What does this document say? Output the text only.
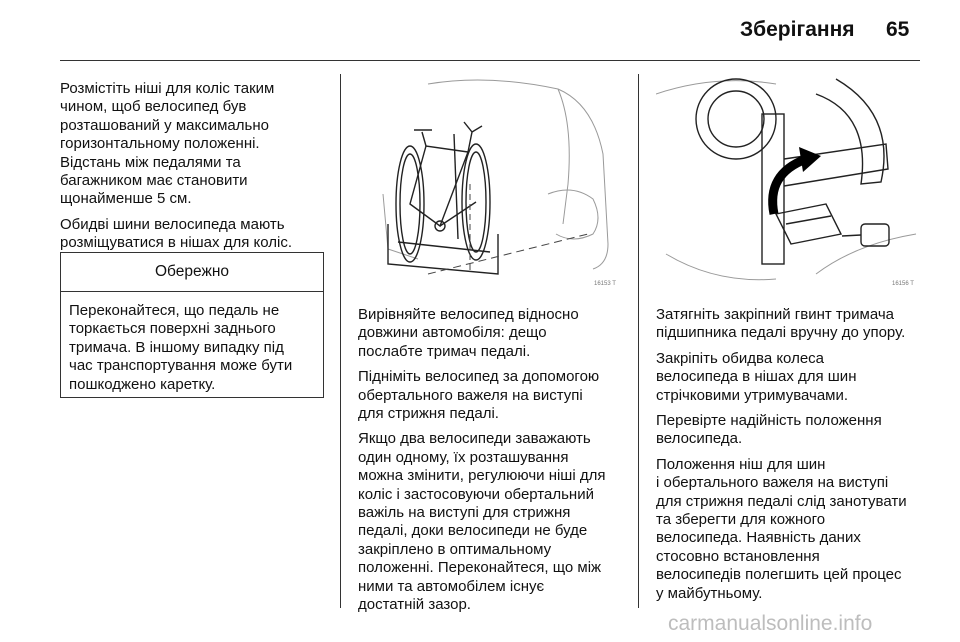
Зберігання 65

Розмістіть ніші для коліс таким
чином, щоб велосипед був
розташований у максимально
горизонтальному положенні.
Відстань між педалями та
багажником має становити
щонайменше 5 см.

Обидві шини велосипеда мають
розміщуватися в нішах для коліс.

Обережно
Переконайтеся, що педаль не
торкається поверхні заднього
тримача. В іншому випадку під
час транспортування може бути
пошкоджено каретку.
16153 T

Вирівняйте велосипед відносно
довжини автомобіля: дещо
послабте тримач педалі.

Підніміть велосипед за допомогою
обертального важеля на виступі
для стрижня педалі.

Якщо два велосипеди заважають
один одному, їх розташування
можна змінити, регулюючи ніші для
коліс і застосовуючи обертальний
важіль на виступі для стрижня
педалі, доки велосипеди не буде
закріплено в оптимальному
положенні. Переконайтеся, що між
ними та автомобілем існує
достатній зазор.

16156 T

Затягніть закріпний гвинт тримача
підшипника педалі вручну до упору.

Закріпіть обидва колеса
велосипеда в нішах для шин
стрічковими утримувачами.

Перевірте надійність положення
велосипеда.

Положення ніш для шин
і обертального важеля на виступі
для стрижня педалі слід занотувати
та зберегти для кожного
велосипеда. Наявність даних
стосовно встановлення
велосипедів полегшить цей процес
у майбутньому.

carmanualsonline.info
